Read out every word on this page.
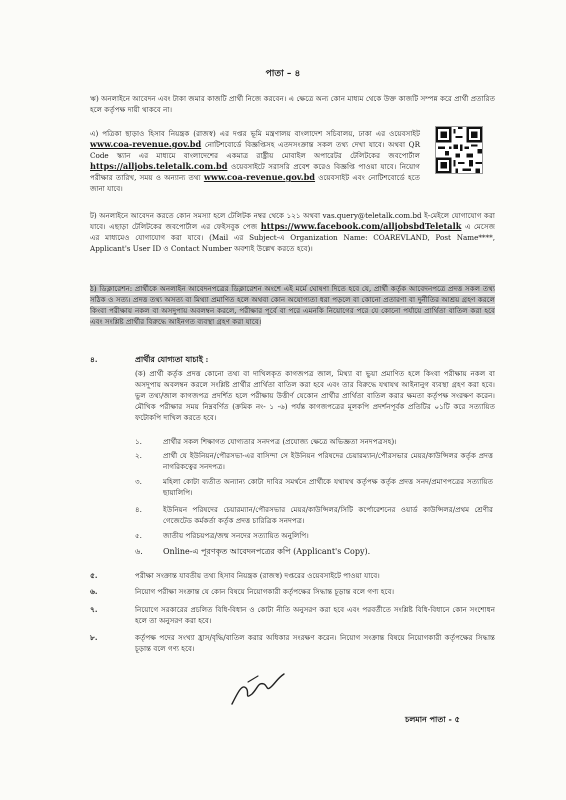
পাতা – ৪
ঋ) অনলাইনে আবেদন এবং টাকা জমার কাজটি প্রার্থী নিজে করবেন। এ ক্ষেত্রে অন্য কোন মাধ্যম থেকে উক্ত কাজটি সম্পন্ন করে প্রার্থী প্রতারিত হলে কর্তৃপক্ষ দায়ী থাকবে না।
এ) পত্রিকা ছাড়াও হিসাব নিয়ন্ত্রক (রাজস্ব) এর দপ্তর ভূমি মন্ত্রণালয় বাংলাদেশ সচিবালয়, ঢাকা এর ওয়েবসাইট www.coa-revenue.gov.bd নোটিশবোর্ডে বিজ্ঞপ্তিসহ এতদসংক্রান্ত সকল তথ্য দেখা যাবে। অথবা QR Code স্ক্যান এর মাধ্যমে বাংলাদেশের একমাত্র রাষ্ট্রীয় মোবাইল অপারেটর টেলিটকের জবপোর্টাল https://alljobs.teletalk.com.bd ওয়েবসাইটে সরাসরি প্রবেশ করেও বিজ্ঞপ্তি পাওয়া যাবে। নিয়োগ পরীক্ষার তারিখ, সময় ও অন্যান্য তথ্য www.coa-revenue.gov.bd ওয়েবসাইট এবং নোটিশবোর্ডে হতে জানা যাবে।
ট) অনলাইনে আবেদন করতে কোন সমস্যা হলে টেলিটক নম্বর থেকে ১২১ অথবা vas.query@teletalk.com.bd ই-মেইলে যোগাযোগ করা যাবে। এছাড়া টেলিটকের জবপোর্টাল এর ফেইসবুক পেজ https://www.facebook.com/alljobsbdTeletalk এ মেসেজ এর মাধ্যমেও যোগাযোগ করা যাবে। (Mail এর Subject-এ Organization Name: COAREVLAND, Post Name****, Applicant's User ID ও Contact Number অবশ্যই উল্লেখ করতে হবে)।
ঠ) ডিক্লারেশন: প্রার্থীকে অনলাইন আবেদনপত্রের ডিক্লারেশন অংশে এই মর্মে ঘোষণা দিতে হবে যে, প্রার্থী কর্তৃক আবেদনপত্রে প্রদত্ত সকল তথ্য সঠিক ও সত্য। প্রদত্ত তথ্য অসত্য বা মিথ্যা প্রমাণিত হলে অথবা কোন অযোগ্যতা ধরা পড়লে বা কোনো প্রতারণা বা দুর্নীতির আশ্রয় গ্রহণ করলে কিংবা পরীক্ষায় নকল বা অসদুপায় অবলম্বন করলে, পরীক্ষার পূর্বে বা পরে এমনকি নিয়োগের পরে যে কোনো পর্যায়ে প্রার্থিতা বাতিল করা হবে এবং সংশ্লিষ্ট প্রার্থীর বিরুদ্ধে আইনগত ব্যবস্থা গ্রহণ করা যাবে।
৪.	প্রার্থীর যোগ্যতা যাচাই :
(ক) প্রার্থী কর্তৃক প্রদত্ত কোনো তথ্য বা দাখিলকৃত কাগজপত্র জাল, মিথ্যা বা ভুয়া প্রমাণিত হলে কিংবা পরীক্ষায় নকল বা অসদুপায় অবলম্বন করলে সংশ্লিষ্ট প্রার্থীর প্রার্থিতা বাতিল করা হবে এবং তার বিরুদ্ধে যথাযথ আইনানুগ ব্যবস্থা গ্রহণ করা হবে। ভুল তথ্য/জাল কাগজপত্র প্রদর্শিত হলে পরীক্ষায় উত্তীর্ণ যেকোন প্রার্থীর প্রার্থিতা বাতিল করার ক্ষমতা কর্তৃপক্ষ সংরক্ষণ করেন। মৌখিক পরীক্ষার সময় নিম্নবর্ণিত (ক্রমিক নং- ১ -৬) পর্যন্ত কাগজপত্রের মূলকপি প্রদর্শনপূর্বক প্রতিটির ০১টি করে সত্যায়িত ফটোকপি দাখিল করতে হবে।
১.	প্রার্থীর সকল শিক্ষাগত যোগ্যতার সনদপত্র (প্রযোজ্য ক্ষেত্রে অভিজ্ঞতা সনদপত্রসহ)।
২.	প্রার্থী যে ইউনিয়ন/পৌরসভা-এর বাসিন্দা সে ইউনিয়ন পরিষদের চেয়ারম্যান/পৌরসভার মেয়র/কাউন্সিলর কর্তৃক প্রদত্ত নাগরিকত্বের সনদপত্র।
৩.	মহিলা কোটা ব্যতীত অন্যান্য কোটা দাবির সমর্থনে প্রার্থীকে যথাযথ কর্তৃপক্ষ কর্তৃক প্রদত্ত সনদ/প্রমাণপত্রের সত্যায়িত ছায়ালিপি।
৪.	ইউনিয়ন পরিষদের চেয়ারম্যান/পৌরসভার মেয়র/কাউন্সিলর/সিটি কর্পোরেশনের ওয়ার্ড কাউন্সিলর/প্রথম শ্রেণীর গেজেটেড কর্মকর্তা কর্তৃক প্রদত্ত চারিত্রিক সনদপত্র।
৫.	জাতীয় পরিচয়পত্র/জন্ম সনদের সত্যায়িত অনুলিপি।
৬.	Online-এ পূরণকৃত আবেদনপত্রের কপি (Applicant's Copy).
৫.	পরীক্ষা সংক্রান্ত যাবতীয় তথ্য হিসাব নিয়ন্ত্রক (রাজস্ব) দপ্তরের ওয়েবসাইটে পাওয়া যাবে।
৬.	নিয়োগ পরীক্ষা সংক্রান্ত যে কোন বিষয়ে নিয়োগকারী কর্তৃপক্ষের সিদ্ধান্ত চূড়ান্ত বলে গণ্য হবে।
৭.	নিয়োগে সরকারের প্রচলিত বিধি-বিধান ও কোটা নীতি অনুসরণ করা হবে এবং পরবর্তীতে সংশ্লিষ্ট বিধি-বিধানে কোন সংশোধন হলে তা অনুসরণ করা হবে।
৮.	কর্তৃপক্ষ পদের সংখ্যা হ্রাস/বৃদ্ধি/বাতিল করার অধিকার সংরক্ষণ করেন। নিয়োগ সংক্রান্ত বিষয়ে নিয়োগকারী কর্তৃপক্ষের সিদ্ধান্ত চূড়ান্ত বলে গণ্য হবে।
চলমান পাতা - ৫
